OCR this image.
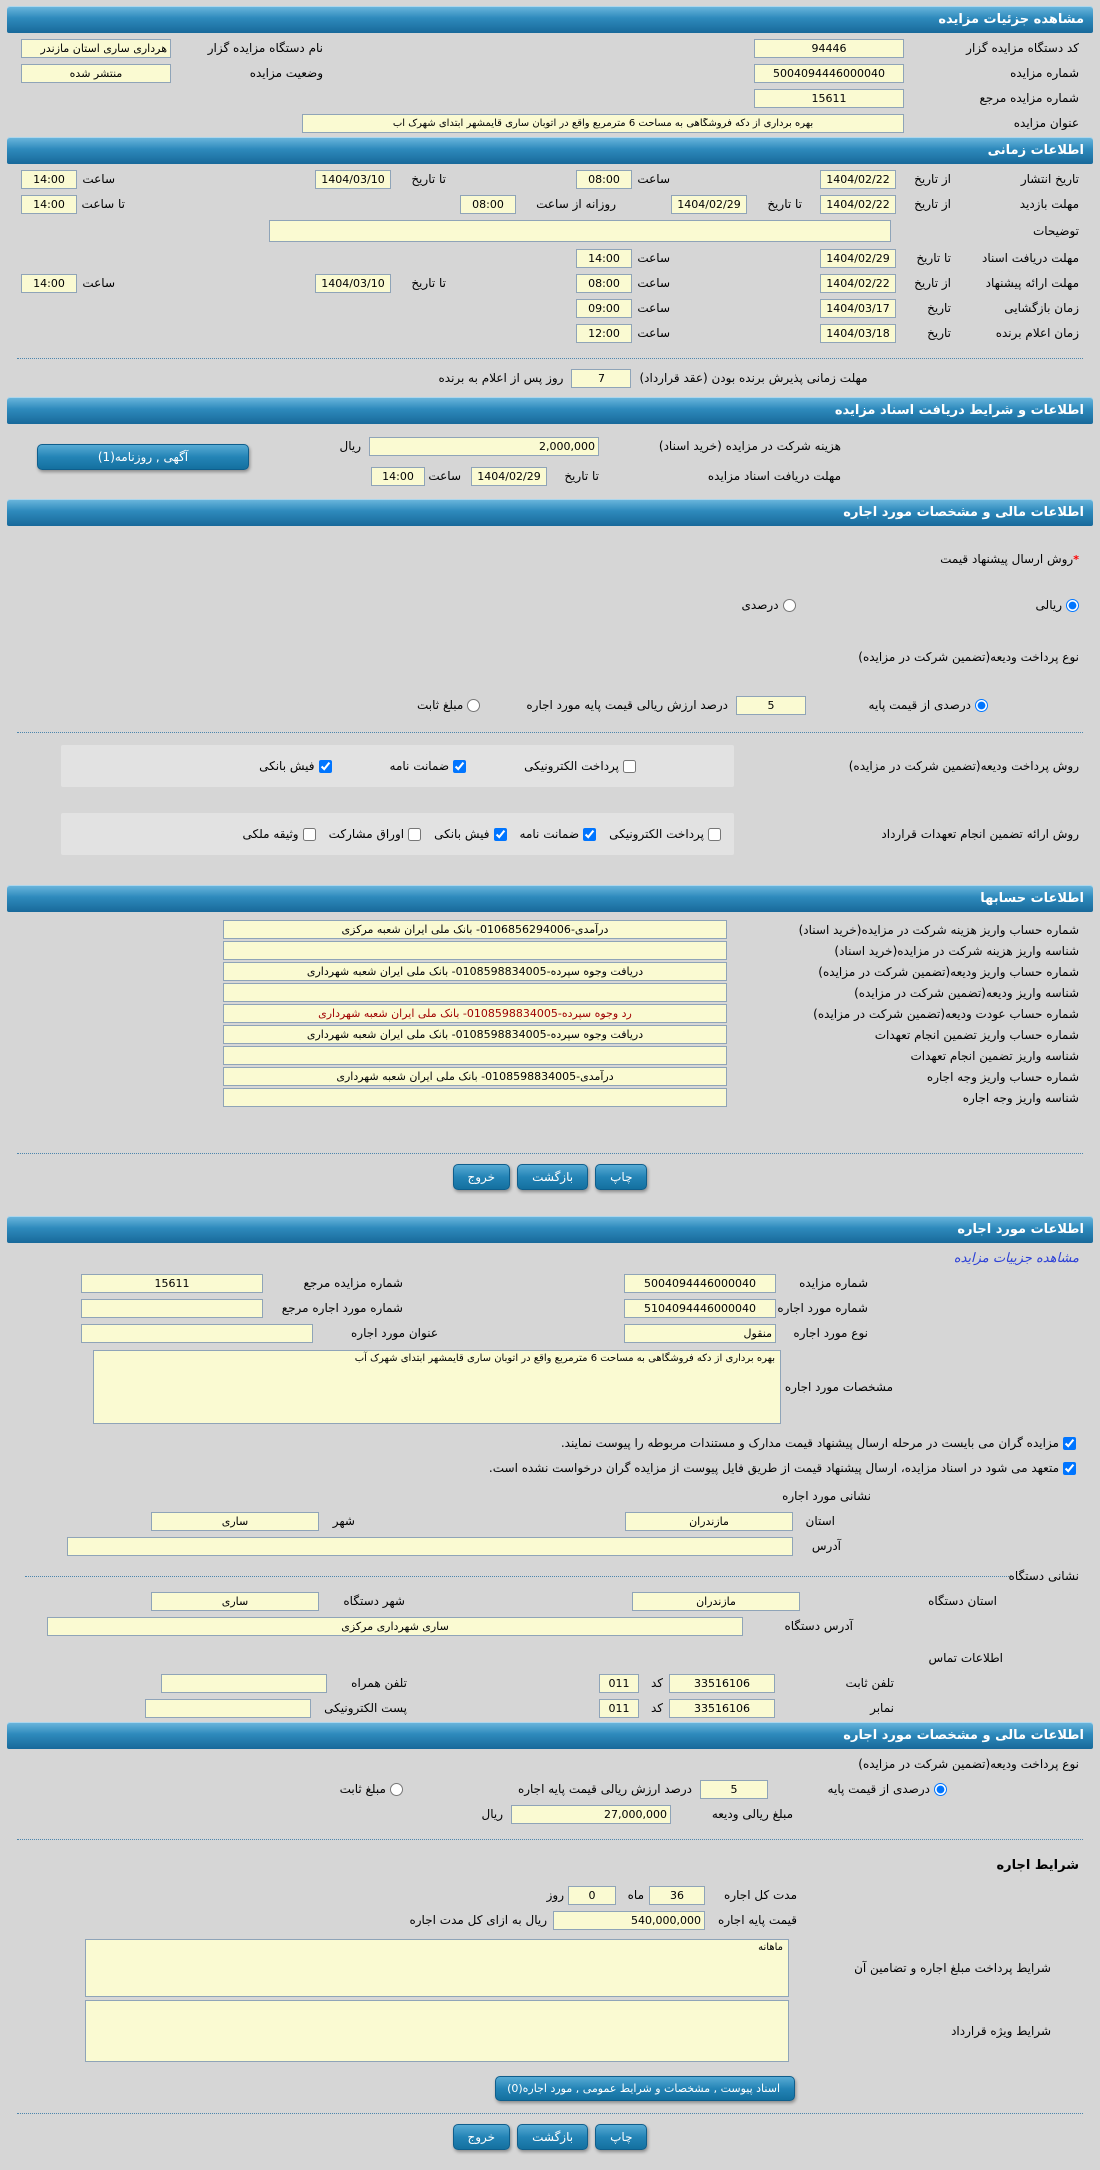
مشاهده جزئیات مزایده
کد دستگاه مزایده گزار
94446
نام دستگاه مزایده گزار
هرداری ساری استان مازندر
شماره مزایده
5004094446000040
وضعیت مزایده
منتشر شده
شماره مزایده مرجع
15611
عنوان مزایده
بهره برداری از دکه فروشگاهی به مساحت 6 مترمربع واقع در اتوبان ساری قایمشهر ابتدای شهرک آب
اطلاعات زمانی
تاریخ انتشار
از تاریخ
1404/02/22
ساعت
08:00
تا تاریخ
1404/03/10
ساعت
14:00
مهلت بازدید
از تاریخ
1404/02/22
تا تاریخ
1404/02/29
روزانه از ساعت
08:00
تا ساعت
14:00
توضیحات
مهلت دریافت اسناد
تا تاریخ
1404/02/29
ساعت
14:00
مهلت ارائه پیشنهاد
از تاریخ
1404/02/22
ساعت
08:00
تا تاریخ
1404/03/10
ساعت
14:00
زمان بازگشایی
تاریخ
1404/03/17
ساعت
09:00
زمان اعلام برنده
تاریخ
1404/03/18
ساعت
12:00
مهلت زمانی پذیرش برنده بودن (عقد قرارداد)
7
روز پس از اعلام به برنده
اطلاعات و شرایط دریافت اسناد مزایده
هزینه شرکت در مزایده (خرید اسناد)
2,000,000
ریال
مهلت دریافت اسناد مزایده
تا تاریخ
1404/02/29
ساعت
14:00
آگهی , روزنامه(1)
اطلاعات مالی و مشخصات مورد اجاره
*
روش ارسال پیشنهاد قیمت
ریالی
درصدی
نوع پرداخت ودیعه(تضمین شرکت در مزایده)
درصدی از قیمت پایه
5
درصد ارزش ریالی قیمت پایه مورد اجاره
مبلغ ثابت
روش پرداخت ودیعه(تضمین شرکت در مزایده)
پرداخت الکترونیکی
ضمانت نامه
فیش بانکی
روش ارائه تضمین انجام تعهدات قرارداد
پرداخت الکترونیکی
ضمانت نامه
فیش بانکی
اوراق مشارکت
وثیقه ملکی
اطلاعات حسابها
شماره حساب واریز هزینه شرکت در مزایده(خرید اسناد)
درآمدی-0106856294006- بانک ملی ایران شعبه مرکزی
شناسه واریز هزینه شرکت در مزایده(خرید اسناد)
شماره حساب واریز ودیعه(تضمین شرکت در مزایده)
دریافت وجوه سپرده-0108598834005- بانک ملی ایران شعبه شهرداری
شناسه واریز ودیعه(تضمین شرکت در مزایده)
شماره حساب عودت ودیعه(تضمین شرکت در مزایده)
رد وجوه سپرده-0108598834005- بانک ملی ایران شعبه شهرداری
شماره حساب واریز تضمین انجام تعهدات
دریافت وجوه سپرده-0108598834005- بانک ملی ایران شعبه شهرداری
شناسه واریز تضمین انجام تعهدات
شماره حساب واریز وجه اجاره
درآمدی-0108598834005- بانک ملی ایران شعبه شهرداری
شناسه واریز وجه اجاره
چاپ
بازگشت
خروج
اطلاعات مورد اجاره
مشاهده جزییات مزایده
شماره مزایده
5004094446000040
شماره مزایده مرجع
15611
شماره مورد اجاره
5104094446000040
شماره مورد اجاره مرجع
نوع مورد اجاره
منقول
عنوان مورد اجاره
مشخصات مورد اجاره
بهره برداری از دکه فروشگاهی به مساحت 6 مترمربع واقع در اتوبان ساری قایمشهر ابتدای شهرک آب
مزایده گران می بایست در مرحله ارسال پیشنهاد قیمت مدارک و مستندات مربوطه را پیوست نمایند.
متعهد می شود در اسناد مزایده، ارسال پیشنهاد قیمت از طریق فایل پیوست از مزایده گران درخواست نشده است.
نشانی مورد اجاره
استان
مازندران
شهر
ساری
آدرس
نشانی دستگاه
استان دستگاه
مازندران
شهر دستگاه
ساری
آدرس دستگاه
ساری شهرداری مرکزی
اطلاعات تماس
تلفن ثابت
33516106
کد
011
تلفن همراه
نمابر
33516106
کد
011
پست الکترونیکی
اطلاعات مالی و مشخصات مورد اجاره
نوع پرداخت ودیعه(تضمین شرکت در مزایده)
درصدی از قیمت پایه
5
درصد ارزش ریالی قیمت پایه اجاره
مبلغ ثابت
مبلغ ریالی ودیعه
27,000,000
ریال
شرایط اجاره
مدت کل اجاره
36
ماه
0
روز
قیمت پایه اجاره
540,000,000
ریال به ازای کل مدت اجاره
شرایط پرداخت مبلغ اجاره و تضامین آن
ماهانه
شرایط ویژه قرارداد
اسناد پیوست , مشخصات و شرایط عمومی , مورد اجاره(0)
چاپ
بازگشت
خروج
